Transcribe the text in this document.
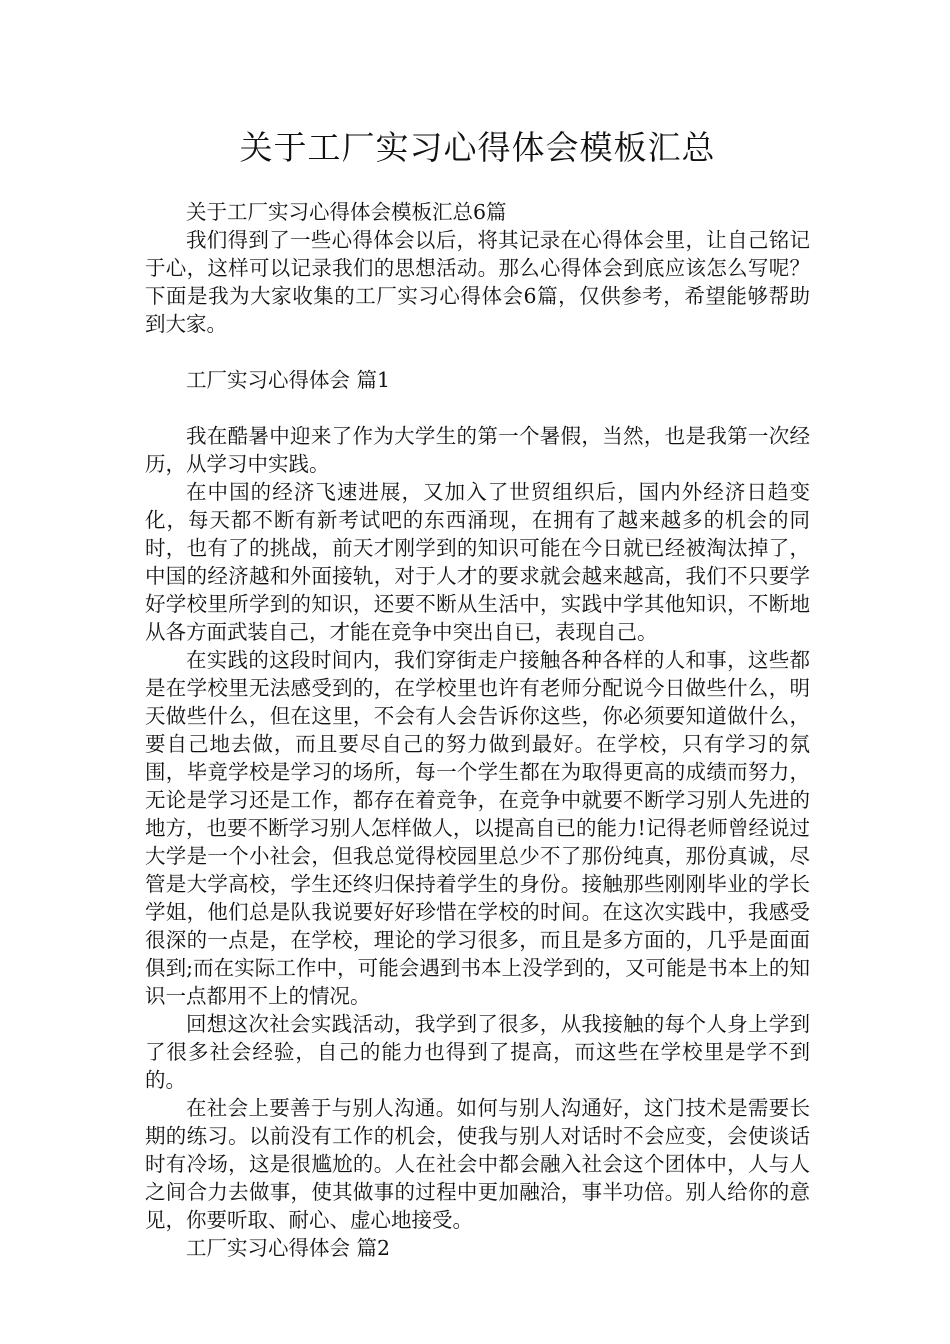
关于工厂实习心得体会模板汇总

关于工厂实习心得体会模板汇总6篇

我们得到了一些心得体会以后，将其记录在心得体会里，让自己铭记于心，这样可以记录我们的思想活动。那么心得体会到底应该怎么写呢？下面是我为大家收集的工厂实习心得体会6篇，仅供参考，希望能够帮助到大家。

工厂实习心得体会 篇1

我在酷暑中迎来了作为大学生的第一个暑假，当然，也是我第一次经历，从学习中实践。

在中国的经济飞速进展，又加入了世贸组织后，国内外经济日趋变化，每天都不断有新考试吧的东西涌现，在拥有了越来越多的机会的同时，也有了的挑战，前天才刚学到的知识可能在今日就已经被淘汰掉了，中国的经济越和外面接轨，对于人才的要求就会越来越高，我们不只要学好学校里所学到的知识，还要不断从生活中，实践中学其他知识，不断地从各方面武装自己，才能在竞争中突出自已，表现自己。

在实践的这段时间内，我们穿街走户接触各种各样的人和事，这些都是在学校里无法感受到的，在学校里也许有老师分配说今日做些什么，明天做些什么，但在这里，不会有人会告诉你这些，你必须要知道做什么，要自己地去做，而且要尽自己的努力做到最好。在学校，只有学习的氛围，毕竟学校是学习的场所，每一个学生都在为取得更高的成绩而努力，无论是学习还是工作，都存在着竞争，在竞争中就要不断学习别人先进的地方，也要不断学习别人怎样做人，以提高自已的能力!记得老师曾经说过大学是一个小社会，但我总觉得校园里总少不了那份纯真，那份真诚，尽管是大学高校，学生还终归保持着学生的身份。接触那些刚刚毕业的学长学姐，他们总是队我说要好好珍惜在学校的时间。在这次实践中，我感受很深的一点是，在学校，理论的学习很多，而且是多方面的，几乎是面面俱到;而在实际工作中，可能会遇到书本上没学到的，又可能是书本上的知识一点都用不上的情况。

回想这次社会实践活动，我学到了很多，从我接触的每个人身上学到了很多社会经验，自己的能力也得到了提高，而这些在学校里是学不到的。

在社会上要善于与别人沟通。如何与别人沟通好，这门技术是需要长期的练习。以前没有工作的机会，使我与别人对话时不会应变，会使谈话时有冷场，这是很尴尬的。人在社会中都会融入社会这个团体中，人与人之间合力去做事，使其做事的过程中更加融洽，事半功倍。别人给你的意见，你要听取、耐心、虚心地接受。

工厂实习心得体会 篇2
